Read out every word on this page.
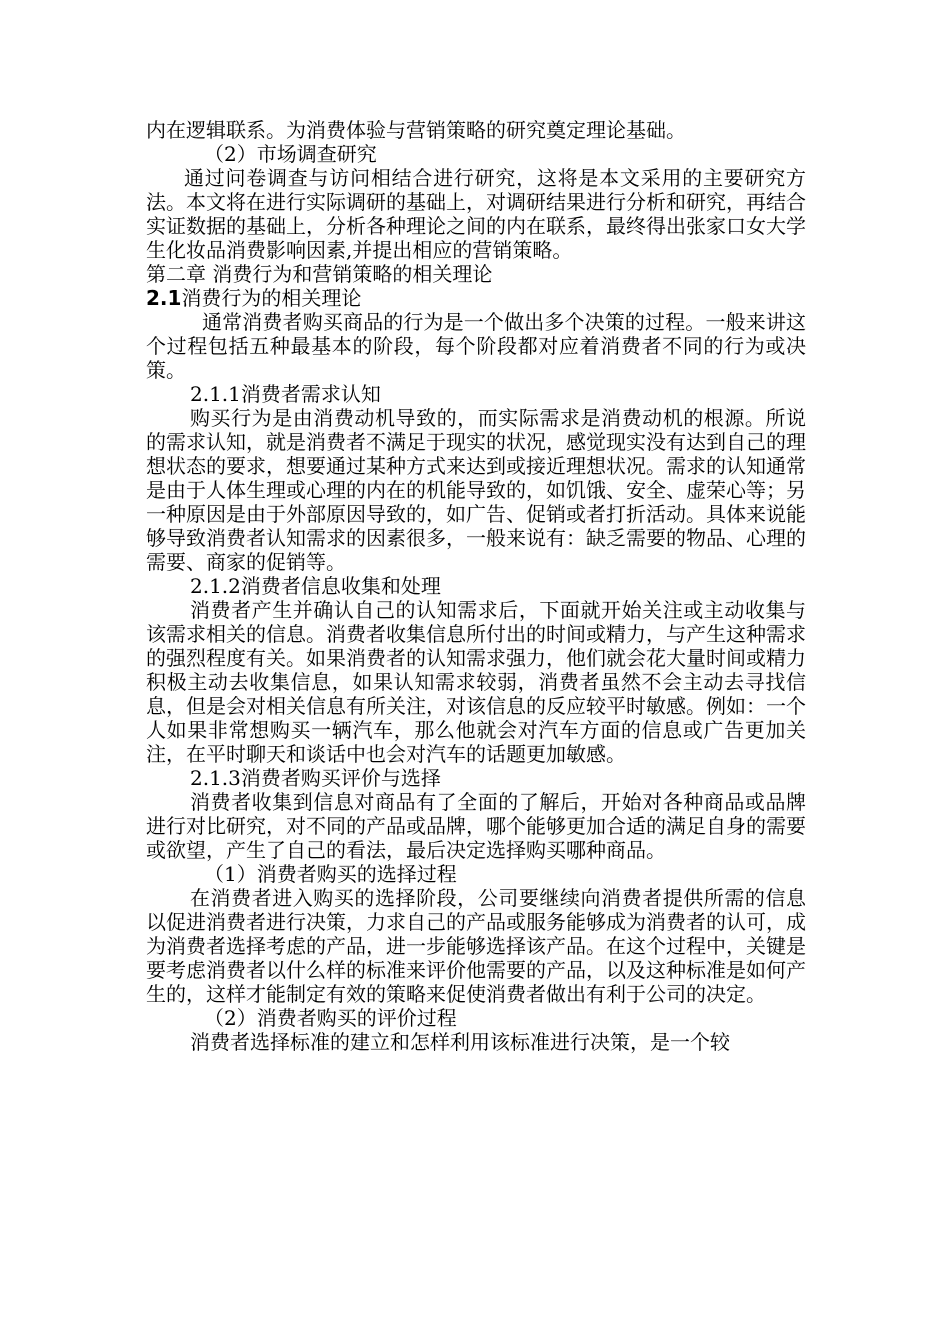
内在逻辑联系。为消费体验与营销策略的研究奠定理论基础。

（2）市场调查研究

通过问卷调查与访问相结合进行研究，这将是本文采用的主要研究方法。本文将在进行实际调研的基础上，对调研结果进行分析和研究，再结合实证数据的基础上，分析各种理论之间的内在联系，最终得出张家口女大学生化妆品消费影响因素,并提出相应的营销策略。

第二章 消费行为和营销策略的相关理论

2.1消费行为的相关理论

通常消费者购买商品的行为是一个做出多个决策的过程。一般来讲这个过程包括五种最基本的阶段，每个阶段都对应着消费者不同的行为或决策。

2.1.1消费者需求认知

购买行为是由消费动机导致的，而实际需求是消费动机的根源。所说的需求认知，就是消费者不满足于现实的状况，感觉现实没有达到自己的理想状态的要求，想要通过某种方式来达到或接近理想状况。需求的认知通常是由于人体生理或心理的内在的机能导致的，如饥饿、安全、虚荣心等；另一种原因是由于外部原因导致的，如广告、促销或者打折活动。具体来说能够导致消费者认知需求的因素很多，一般来说有：缺乏需要的物品、心理的需要、商家的促销等。

2.1.2消费者信息收集和处理

消费者产生并确认自己的认知需求后，下面就开始关注或主动收集与该需求相关的信息。消费者收集信息所付出的时间或精力，与产生这种需求的强烈程度有关。如果消费者的认知需求强力，他们就会花大量时间或精力积极主动去收集信息，如果认知需求较弱，消费者虽然不会主动去寻找信息，但是会对相关信息有所关注，对该信息的反应较平时敏感。例如：一个人如果非常想购买一辆汽车，那么他就会对汽车方面的信息或广告更加关注，在平时聊天和谈话中也会对汽车的话题更加敏感。

2.1.3消费者购买评价与选择

消费者收集到信息对商品有了全面的了解后，开始对各种商品或品牌进行对比研究，对不同的产品或品牌，哪个能够更加合适的满足自身的需要或欲望，产生了自己的看法，最后决定选择购买哪种商品。

（1）消费者购买的选择过程

在消费者进入购买的选择阶段，公司要继续向消费者提供所需的信息以促进消费者进行决策，力求自己的产品或服务能够成为消费者的认可，成为消费者选择考虑的产品，进一步能够选择该产品。在这个过程中，关键是要考虑消费者以什么样的标准来评价他需要的产品，以及这种标准是如何产生的，这样才能制定有效的策略来促使消费者做出有利于公司的决定。

（2）消费者购买的评价过程

消费者选择标准的建立和怎样利用该标准进行决策，是一个较
